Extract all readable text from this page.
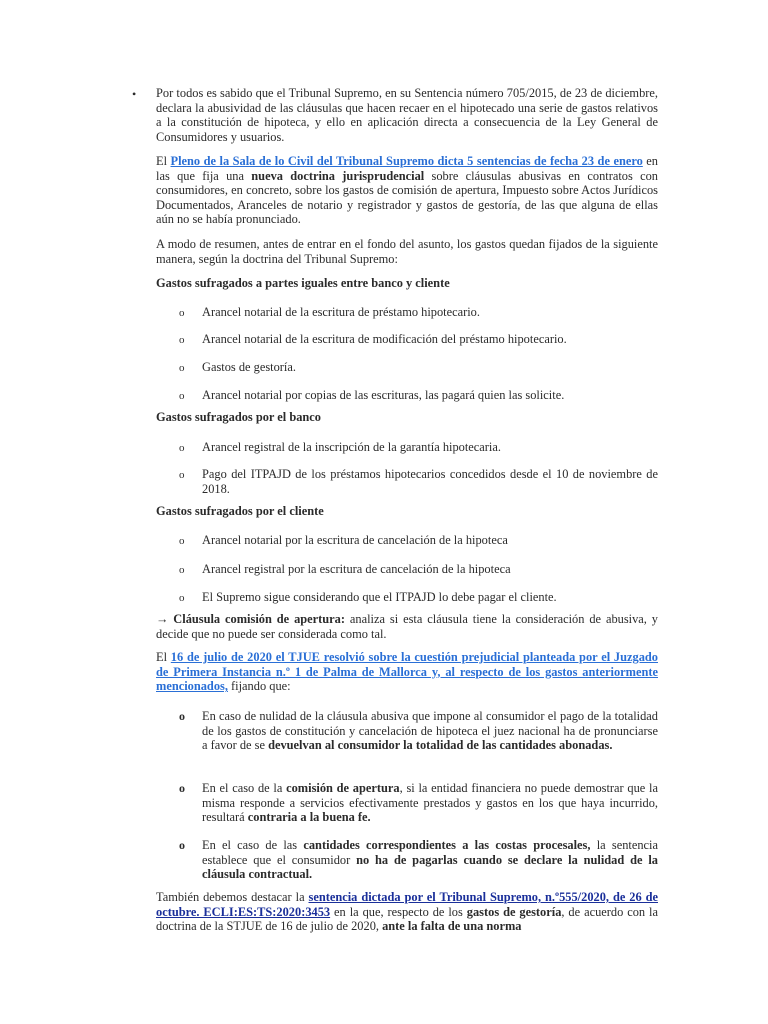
• Por todos es sabido que el Tribunal Supremo, en su Sentencia número 705/2015, de 23 de diciembre, declara la abusividad de las cláusulas que hacen recaer en el hipotecado una serie de gastos relativos a la constitución de hipoteca, y ello en aplicación directa a consecuencia de la Ley General de Consumidores y usuarios.

El Pleno de la Sala de lo Civil del Tribunal Supremo dicta 5 sentencias de fecha 23 de enero en las que fija una nueva doctrina jurisprudencial sobre cláusulas abusivas en contratos con consumidores, en concreto, sobre los gastos de comisión de apertura, Impuesto sobre Actos Jurídicos Documentados, Aranceles de notario y registrador y gastos de gestoría, de las que alguna de ellas aún no se había pronunciado.

A modo de resumen, antes de entrar en el fondo del asunto, los gastos quedan fijados de la siguiente manera, según la doctrina del Tribunal Supremo:

Gastos sufragados a partes iguales entre banco y cliente

o Arancel notarial de la escritura de préstamo hipotecario.

o Arancel notarial de la escritura de modificación del préstamo hipotecario.

o Gastos de gestoría.

o Arancel notarial por copias de las escrituras, las pagará quien las solicite.

Gastos sufragados por el banco

o Arancel registral de la inscripción de la garantía hipotecaria.

o Pago del ITPAJD de los préstamos hipotecarios concedidos desde el 10 de noviembre de 2018.

Gastos sufragados por el cliente

o Arancel notarial por la escritura de cancelación de la hipoteca

o Arancel registral por la escritura de cancelación de la hipoteca

o El Supremo sigue considerando que el ITPAJD lo debe pagar el cliente.

→ Cláusula comisión de apertura: analiza si esta cláusula tiene la consideración de abusiva, y decide que no puede ser considerada como tal.

El 16 de julio de 2020 el TJUE resolvió sobre la cuestión prejudicial planteada por el Juzgado de Primera Instancia n.º 1 de Palma de Mallorca y, al respecto de los gastos anteriormente mencionados, fijando que:

o En caso de nulidad de la cláusula abusiva que impone al consumidor el pago de la totalidad de los gastos de constitución y cancelación de hipoteca el juez nacional ha de pronunciarse a favor de se devuelvan al consumidor la totalidad de las cantidades abonadas.

o En el caso de la comisión de apertura, si la entidad financiera no puede demostrar que la misma responde a servicios efectivamente prestados y gastos en los que haya incurrido, resultará contraria a la buena fe.

o En el caso de las cantidades correspondientes a las costas procesales, la sentencia establece que el consumidor no ha de pagarlas cuando se declare la nulidad de la cláusula contractual.

También debemos destacar la sentencia dictada por el Tribunal Supremo, n.º555/2020, de 26 de octubre. ECLI:ES:TS:2020:3453 en la que, respecto de los gastos de gestoría, de acuerdo con la doctrina de la STJUE de 16 de julio de 2020, ante la falta de una norma
